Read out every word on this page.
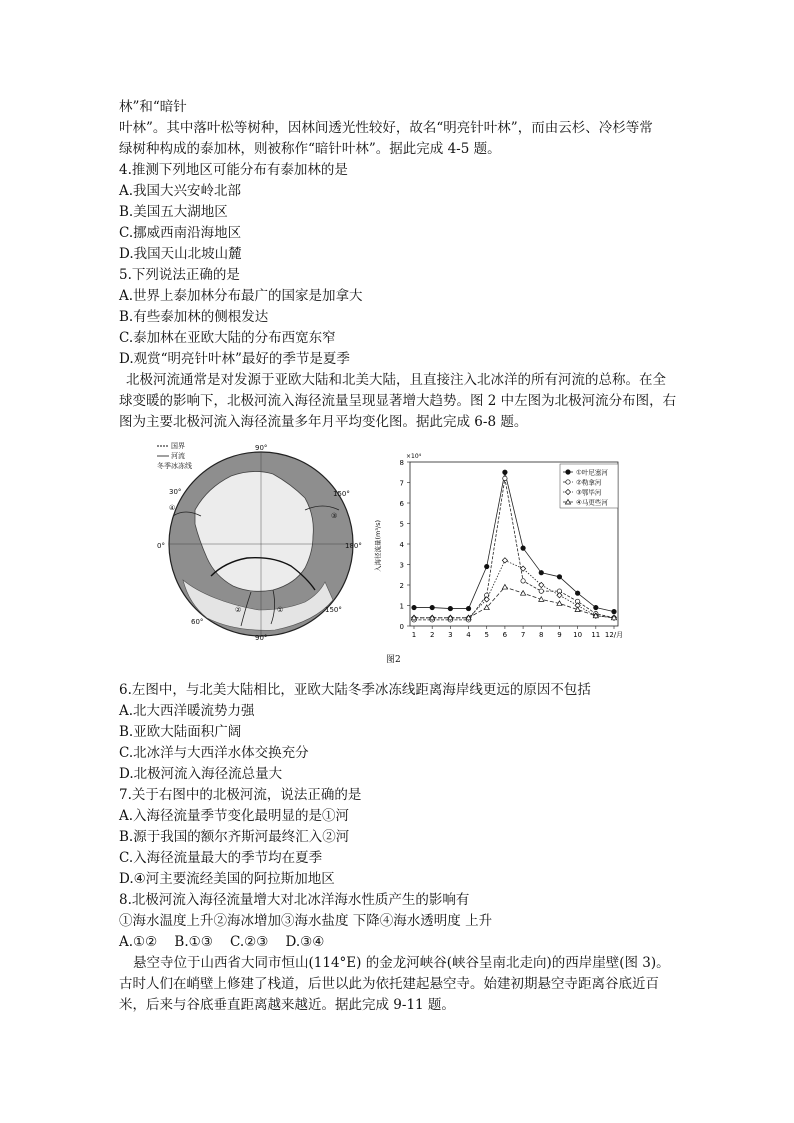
林”和“暗针
叶林”。其中落叶松等树种，因林间透光性较好，故名“明亮针叶林”，而由云杉、冷杉等常
绿树种构成的泰加林，则被称作“暗针叶林”。据此完成 4-5 题。
4.推测下列地区可能分布有泰加林的是
A.我国大兴安岭北部
B.美国五大湖地区
C.挪威西南沿海地区
D.我国天山北坡山麓
5.下列说法正确的是
A.世界上泰加林分布最广的国家是加拿大
B.有些泰加林的侧根发达
C.泰加林在亚欧大陆的分布西宽东窄
D.观赏“明亮针叶林”最好的季节是夏季
北极河流通常是对发源于亚欧大陆和北美大陆，且直接注入北冰洋的所有河流的总称。在全球变暖的影响下，北极河流入海径流量呈现显著增大趋势。图 2 中左图为北极河流分布图，右图为主要北极河流入海径流量多年月平均变化图。据此完成 6-8 题。
国界
河流
冬季冰冻线
90°
150°
180°
150°
90°
60°
0°
30°
①
②
③
④
0
1
2
3
4
5
6
7
8
1 2 3 4 5 6 7 8 9 10 11 12/月
×10⁴
入海径流量(m³/s)
①叶尼塞河
②勒拿河
③鄂毕河
④马更些河
图2
6.左图中，与北美大陆相比，亚欧大陆冬季冰冻线距离海岸线更远的原因不包括
A.北大西洋暖流势力强
B.亚欧大陆面积广阔
C.北冰洋与大西洋水体交换充分
D.北极河流入海径流总量大
7.关于右图中的北极河流，说法正确的是
A.入海径流量季节变化最明显的是①河
B.源于我国的额尔齐斯河最终汇入②河
C.入海径流量最大的季节均在夏季
D.④河主要流经美国的阿拉斯加地区
8.北极河流入海径流量增大对北冰洋海水性质产生的影响有
①海水温度上升②海冰增加③海水盐度 下降④海水透明度 上升
A.①②    B.①③    C.②③    D.③④
悬空寺位于山西省大同市恒山(114°E) 的金龙河峡谷(峡谷呈南北走向)的西岸崖壁(图 3)。古时人们在峭壁上修建了栈道，后世以此为依托建起悬空寺。始建初期悬空寺距离谷底近百米，后来与谷底垂直距离越来越近。据此完成 9-11 题。
